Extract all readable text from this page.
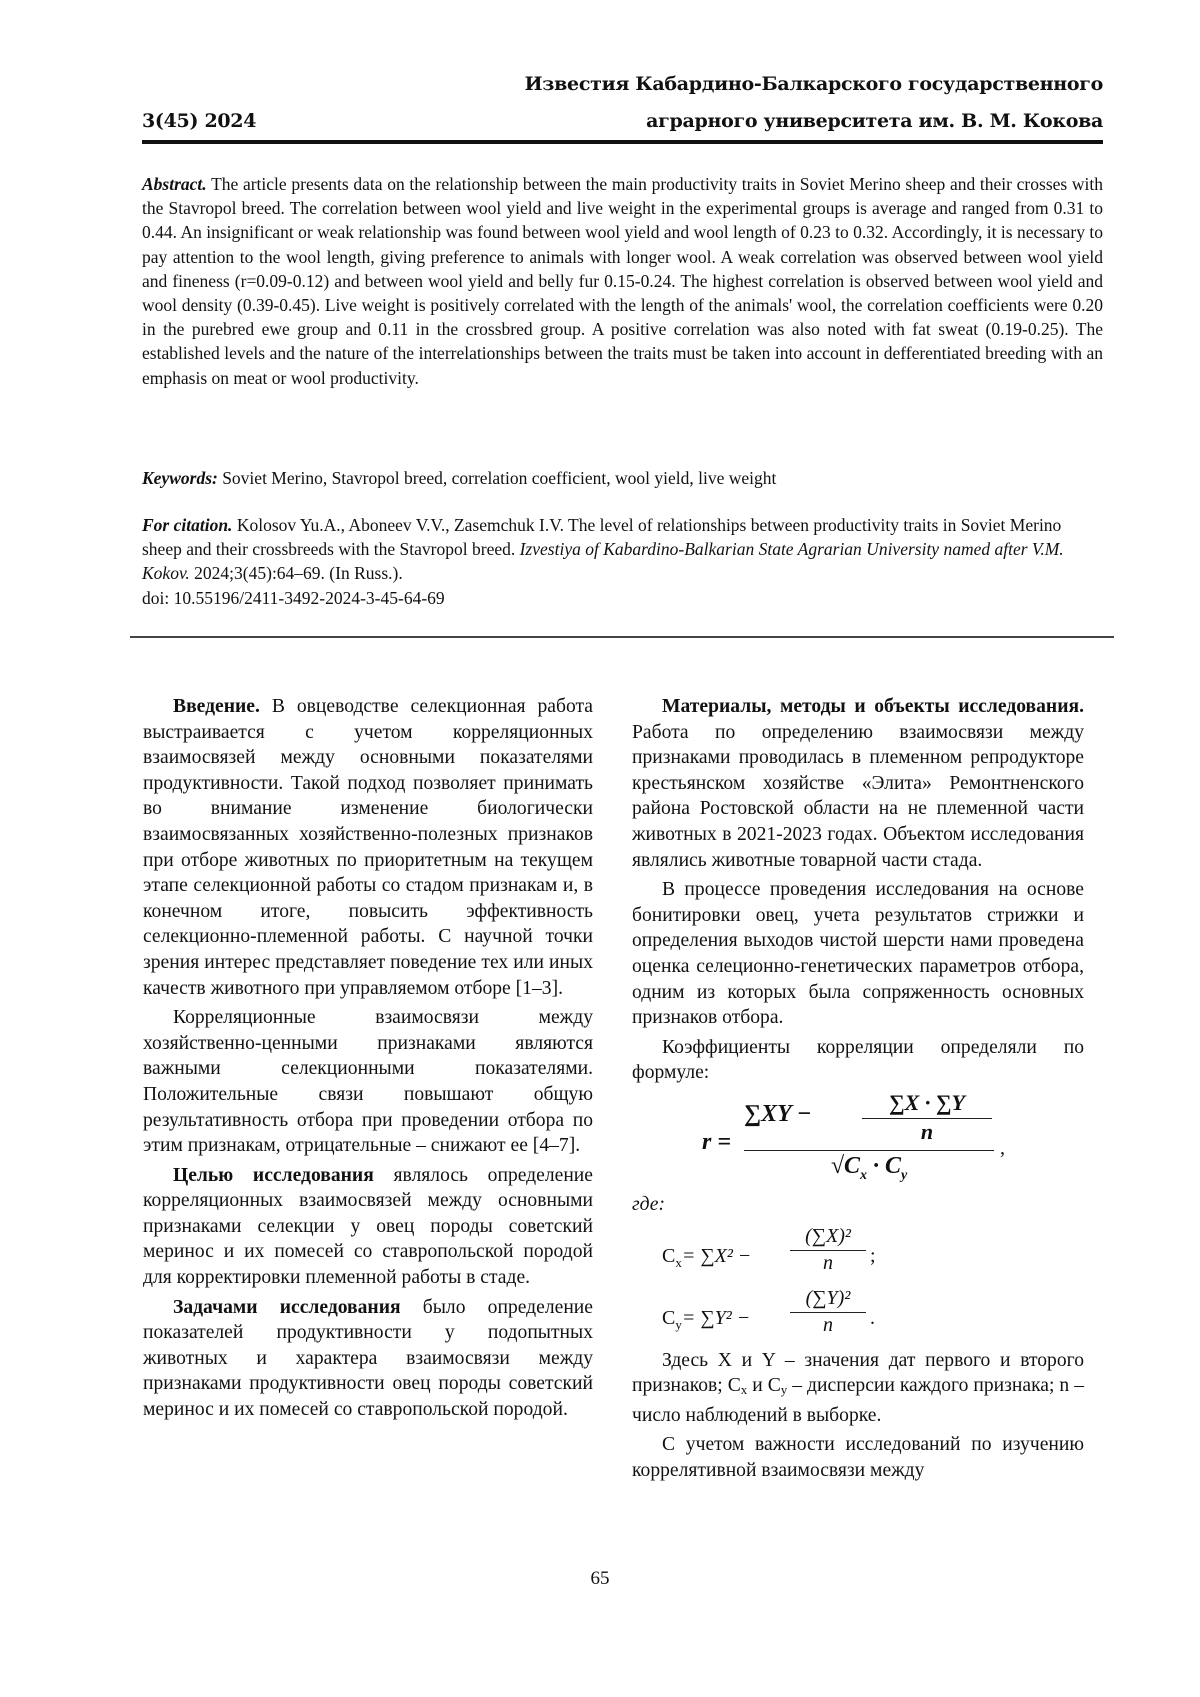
Известия Кабардино-Балкарского государственного
3(45) 2024	аграрного университета им. В. М. Кокова
Abstract. The article presents data on the relationship between the main productivity traits in Soviet Merino sheep and their crosses with the Stavropol breed. The correlation between wool yield and live weight in the experimental groups is average and ranged from 0.31 to 0.44. An insignificant or weak relationship was found between wool yield and wool length of 0.23 to 0.32. Accordingly, it is necessary to pay attention to the wool length, giving preference to animals with longer wool. A weak correlation was observed between wool yield and fineness (r=0.09-0.12) and between wool yield and belly fur 0.15-0.24. The highest correlation is observed between wool yield and wool density (0.39-0.45). Live weight is positively correlated with the length of the animals' wool, the correlation coefficients were 0.20 in the purebred ewe group and 0.11 in the crossbred group. A positive correlation was also noted with fat sweat (0.19-0.25). The established levels and the nature of the interrelationships between the traits must be taken into account in defferentiated breeding with an emphasis on meat or wool productivity.
Keywords: Soviet Merino, Stavropol breed, correlation coefficient, wool yield, live weight
For citation. Kolosov Yu.A., Aboneev V.V., Zasemchuk I.V. The level of relationships between productivity traits in Soviet Merino sheep and their crossbreeds with the Stavropol breed. Izvestiya of Kabardino-Balkarian State Agrarian University named after V.M. Kokov. 2024;3(45):64–69. (In Russ.).
doi: 10.55196/2411-3492-2024-3-45-64-69

Введение. В овцеводстве селекционная работа выстраивается с учетом корреляционных взаимосвязей между основными показателями продуктивности. Такой подход позволяет принимать во внимание изменение биологически взаимосвязанных хозяйственно-полезных признаков при отборе животных по приоритетным на текущем этапе селекционной работы со стадом признакам и, в конечном итоге, повысить эффективность селекционно-племенной работы. С научной точки зрения интерес представляет поведение тех или иных качеств животного при управляемом отборе [1–3].

Корреляционные взаимосвязи между хозяйственно-ценными признаками являются важными селекционными показателями. Положительные связи повышают общую результативность отбора при проведении отбора по этим признакам, отрицательные – снижают ее [4–7].

Целью исследования являлось определение корреляционных взаимосвязей между основными признаками селекции у овец породы советский меринос и их помесей со ставропольской породой для корректировки племенной работы в стаде.

Задачами исследования было определение показателей продуктивности у подопытных животных и характера взаимосвязи между признаками продуктивности овец породы советский меринос и их помесей со ставропольской породой.

Материалы, методы и объекты исследования. Работа по определению взаимосвязи между признаками проводилась в племенном репродукторе крестьянском хозяйстве «Элита» Ремонтненского района Ростовской области на не племенной части животных в 2021-2023 годах. Объектом исследования являлись животные товарной части стада.

В процессе проведения исследования на основе бонитировки овец, учета результатов стрижки и определения выходов чистой шерсти нами проведена оценка селеционно-генетических параметров отбора, одним из которых была сопряженность основных признаков отбора.

Коэффициенты корреляции определяли по формуле:

r =
$\sum XY - \frac{\sum X \cdot \sum Y}{n}$
$√C_x \cdot C_y$
,
где:
$C_x= \sum X^2 - \frac{\text{(∑X)²}}{n}$ ;
$C_y= \sum Y^2 - \frac{\text{(∑Y)²}}{n}$ .

Здесь X и Y – значения дат первого и второго признаков; $C_x$ и $C_y$ – дисперсии каждого признака; n – число наблюдений в выборке.

С учетом важности исследований по изучению коррелятивной взаимосвязи между

65
